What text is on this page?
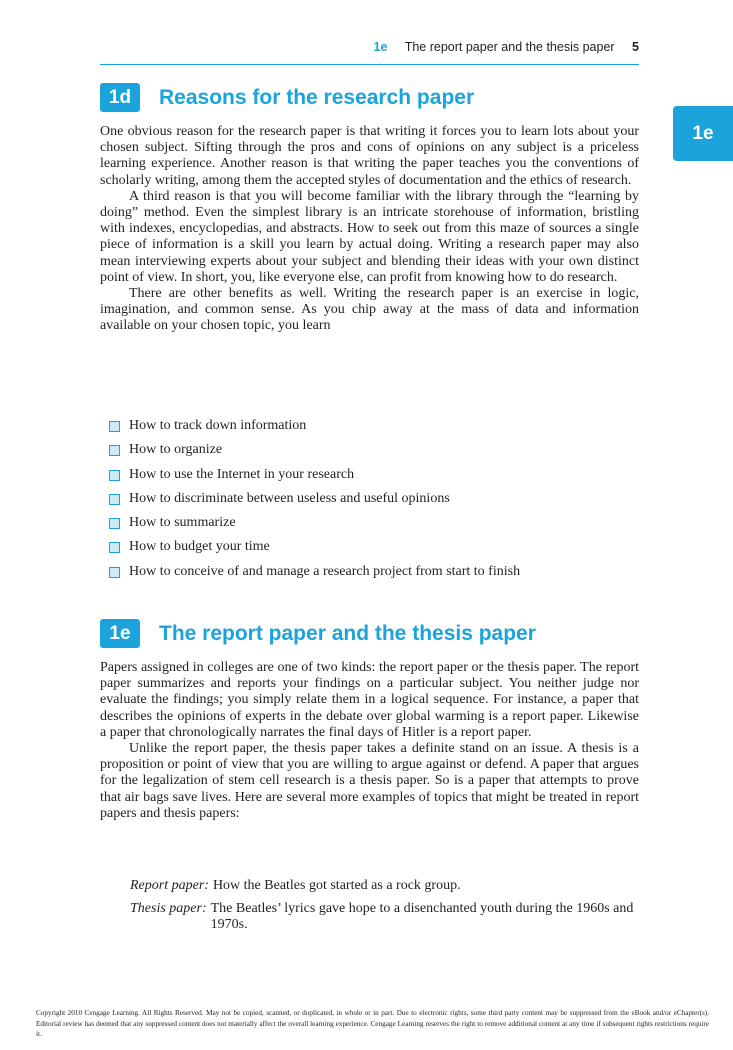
1e The report paper and the thesis paper 5
1e
1d	Reasons for the research paper

One obvious reason for the research paper is that writing it forces you to learn lots about your chosen subject. Sifting through the pros and cons of opinions on any subject is a priceless learning experience. Another reason is that writing the paper teaches you the conventions of scholarly writing, among them the accepted styles of documentation and the ethics of research.

A third reason is that you will become familiar with the library through the “learning by doing” method. Even the simplest library is an intricate storehouse of information, bristling with indexes, encyclopedias, and abstracts. How to seek out from this maze of sources a single piece of information is a skill you learn by actual doing. Writing a research paper may also mean interviewing experts about your subject and blending their ideas with your own distinct point of view. In short, you, like everyone else, can profit from knowing how to do research.

There are other benefits as well. Writing the research paper is an exercise in logic, imagination, and common sense. As you chip away at the mass of data and information available on your chosen topic, you learn

How to track down information
How to organize
How to use the Internet in your research
How to discriminate between useless and useful opinions
How to summarize
How to budget your time
How to conceive of and manage a research project from start to finish
1e	The report paper and the thesis paper

Papers assigned in colleges are one of two kinds: the report paper or the thesis paper. The report paper summarizes and reports your findings on a particular subject. You neither judge nor evaluate the findings; you simply relate them in a logical sequence. For instance, a paper that describes the opinions of experts in the debate over global warming is a report paper. Likewise a paper that chronologically narrates the final days of Hitler is a report paper.

Unlike the report paper, the thesis paper takes a definite stand on an issue. A thesis is a proposition or point of view that you are willing to argue against or defend. A paper that argues for the legalization of stem cell research is a thesis paper. So is a paper that attempts to prove that air bags save lives. Here are several more examples of topics that might be treated in report papers and thesis papers:

Report paper: How the Beatles got started as a rock group.
Thesis paper: The Beatles’ lyrics gave hope to a disenchanted youth during the 1960s and 1970s.
Copyright 2010 Cengage Learning. All Rights Reserved. May not be copied, scanned, or duplicated, in whole or in part. Due to electronic rights, some third party content may be suppressed from the eBook and/or eChapter(s). Editorial review has deemed that any suppressed content does not materially affect the overall learning experience. Cengage Learning reserves the right to remove additional content at any time if subsequent rights restrictions require it.
